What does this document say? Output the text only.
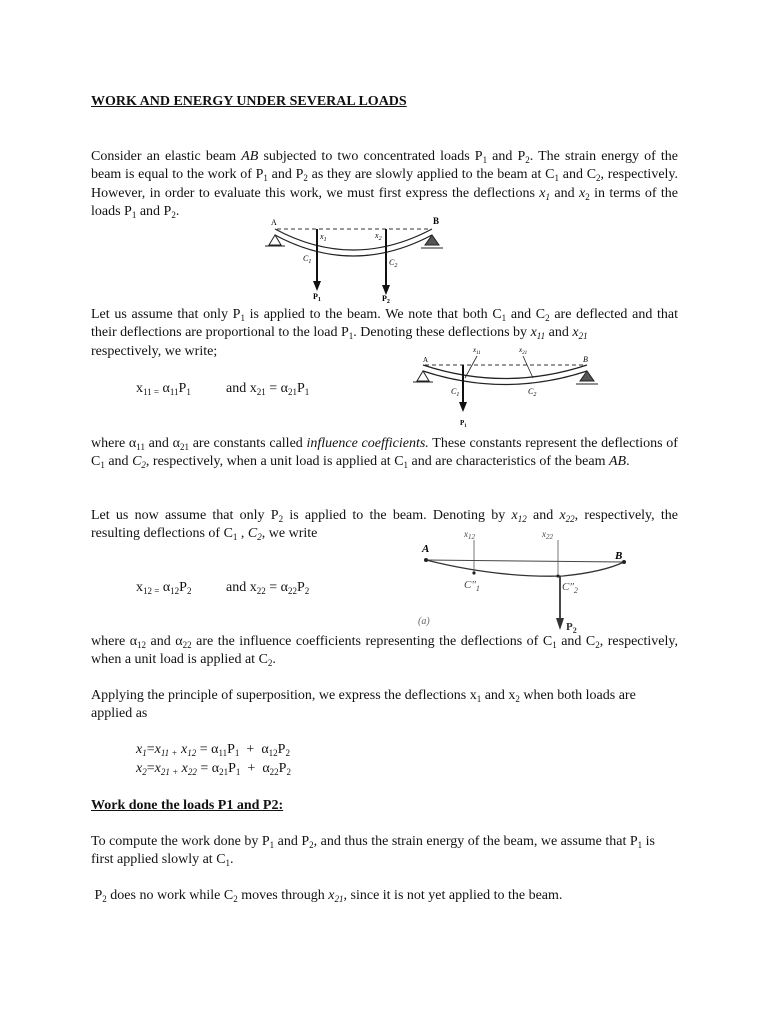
WORK AND ENERGY UNDER SEVERAL LOADS

Consider an elastic beam AB subjected to two concentrated loads $P_1$ and $P_2$. The strain energy of the beam is equal to the work of $P_1$ and $P_2$ as they are slowly applied to the beam at $C_1$ and $C_2$, respectively. However, in order to evaluate this work, we must first express the deflections $x_1$ and $x_2$ in terms of the loads $P_1$ and $P_2$.

A	B
$x_1$	$x_2$
$C_1$	$C_2$
$P_1$	$P_2$

Let us assume that only $P_1$ is applied to the beam. We note that both $C_1$ and $C_2$ are deflected and that their deflections are proportional to the load $P_1$. Denoting these deflections by $x_{11}$ and $x_{21}$
respectively, we write;

$x_{11 =}$ $\alpha_{11}P_1$	and $x_{21} = \alpha_{21}P_1$
A	B
$x_{11}$	$x_{21}$
$C_1$	$C_2$
$P_1$

where $\alpha_{11}$ and $\alpha_{21}$ are constants called influence coefficients. These constants represent the deflections of $C_1$ and $C_2$, respectively, when a unit load is applied at $C_1$ and are characteristics of the beam AB.

Let us now assume that only $P_2$ is applied to the beam. Denoting by $x_{12}$ and $x_{22}$, respectively, the resulting deflections of $C_1$ , $C_2$, we write

$x_{12 =}$ $\alpha_{12}P_2$ and $x_{22} = \alpha_{22}P_2$
A
B
$x_{12}$	$x_{22}$
$C''_1$	$C''_2$
$P_2$
(a)

where $\alpha_{12}$ and $\alpha_{22}$ are the influence coefficients representing the deflections of $C_1$ and $C_2$, respectively, when a unit load is applied at $C_2$.

Applying the principle of superposition, we express the deflections $x_1$ and $x_2$ when both loads are applied as

$x_1=x_{11 +}$ $x_{12} = \alpha_{11}P_1 + \alpha_{12}P_2$
$x_2=x_{21 +}$ $x_{22} = \alpha_{21}P_1 + \alpha_{22}P_2$
Work done the loads P1 and P2:

To compute the work done by $P_1$ and $P_2$, and thus the strain energy of the beam, we assume that $P_1$ is first applied slowly at $C_1$.

$P_2$ does no work while $C_2$ moves through $x_{21}$, since it is not yet applied to the beam.
